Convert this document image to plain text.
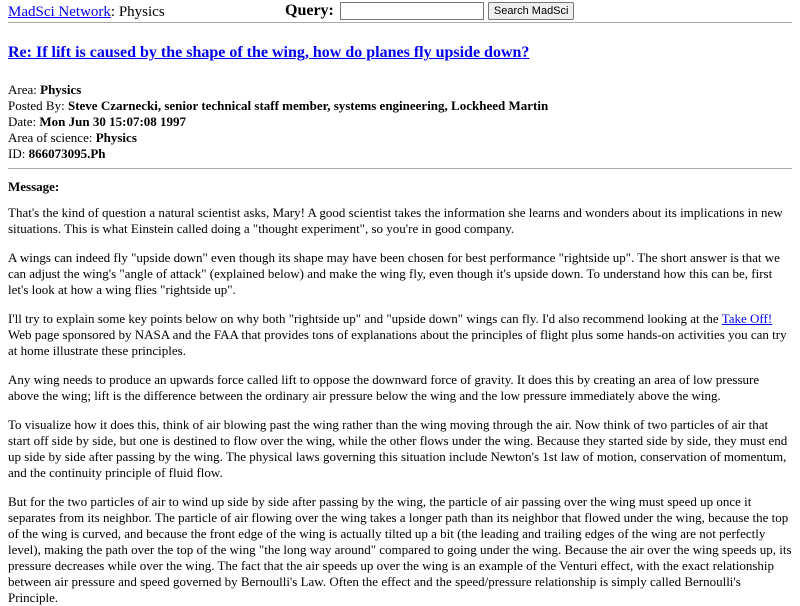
MadSci Network: Physics	Query:	Search MadSci
Re: If lift is caused by the shape of the wing, how do planes fly upside down?
Area: Physics
Posted By: Steve Czarnecki, senior technical staff member, systems engineering, Lockheed Martin
Date: Mon Jun 30 15:07:08 1997
Area of science: Physics
ID: 866073095.Ph
Message:

That's the kind of question a natural scientist asks, Mary! A good scientist takes the information she learns and wonders about its implications in new situations. This is what Einstein called doing a "thought experiment", so you're in good company.

A wings can indeed fly "upside down" even though its shape may have been chosen for best performance "rightside up". The short answer is that we can adjust the wing's "angle of attack" (explained below) and make the wing fly, even though it's upside down. To understand how this can be, first let's look at how a wing flies "rightside up".

I'll try to explain some key points below on why both "rightside up" and "upside down" wings can fly. I'd also recommend looking at the Take Off! Web page sponsored by NASA and the FAA that provides tons of explanations about the principles of flight plus some hands-on activities you can try at home illustrate these principles.

Any wing needs to produce an upwards force called lift to oppose the downward force of gravity. It does this by creating an area of low pressure above the wing; lift is the difference between the ordinary air pressure below the wing and the low pressure immediately above the wing.

To visualize how it does this, think of air blowing past the wing rather than the wing moving through the air. Now think of two particles of air that start off side by side, but one is destined to flow over the wing, while the other flows under the wing. Because they started side by side, they must end up side by side after passing by the wing. The physical laws governing this situation include Newton's 1st law of motion, conservation of momentum, and the continuity principle of fluid flow.

But for the two particles of air to wind up side by side after passing by the wing, the particle of air passing over the wing must speed up once it separates from its neighbor. The particle of air flowing over the wing takes a longer path than its neighbor that flowed under the wing, because the top of the wing is curved, and because the front edge of the wing is actually tilted up a bit (the leading and trailing edges of the wing are not perfectly level), making the path over the top of the wing "the long way around" compared to going under the wing. Because the air over the wing speeds up, its pressure decreases while over the wing. The fact that the air speeds up over the wing is an example of the Venturi effect, with the exact relationship between air pressure and speed governed by Bernoulli's Law. Often the effect and the speed/pressure relationship is simply called Bernoulli's Principle.
